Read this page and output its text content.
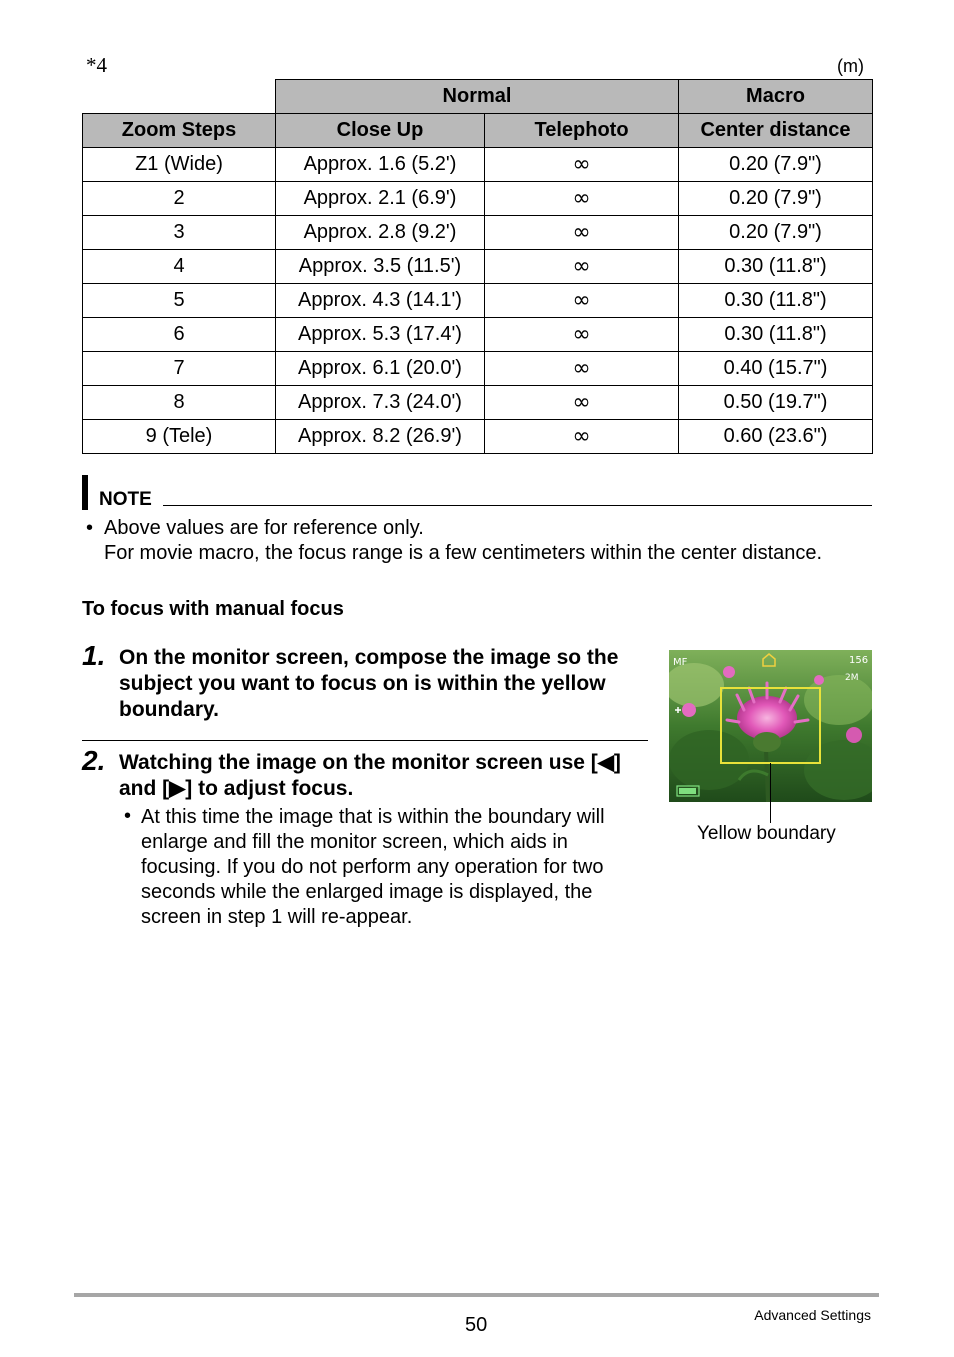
*4	(m)
	Normal		Macro
Zoom Steps	Close Up	Telephoto	Center distance
Z1 (Wide)	Approx. 1.6 (5.2')	∞	0.20 (7.9")
2	Approx. 2.1 (6.9')	∞	0.20 (7.9")
3	Approx. 2.8 (9.2')	∞	0.20 (7.9")
4	Approx. 3.5 (11.5')	∞	0.30 (11.8")
5	Approx. 4.3 (14.1')	∞	0.30 (11.8")
6	Approx. 5.3 (17.4')	∞	0.30 (11.8")
7	Approx. 6.1 (20.0')	∞	0.40 (15.7")
8	Approx. 7.3 (24.0')	∞	0.50 (19.7")
9 (Tele)	Approx. 8.2 (26.9')	∞	0.60 (23.6")
NOTE
• Above values are for reference only.
For movie macro, the focus range is a few centimeters within the center distance.
To focus with manual focus
1. On the monitor screen, compose the image so the subject you want to focus on is within the yellow boundary.
2. Watching the image on the monitor screen use [◀] and [▶] to adjust focus.
• At this time the image that is within the boundary will enlarge and fill the monitor screen, which aids in focusing. If you do not perform any operation for two seconds while the enlarged image is displayed, the screen in step 1 will re-appear.
MF	156
2M
Yellow boundary
50	Advanced Settings
